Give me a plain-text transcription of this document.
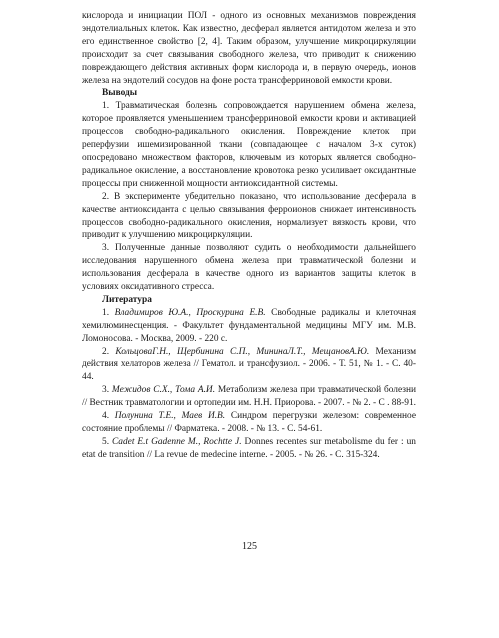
кислорода и инициации ПОЛ - одного из основных механизмов повреждения эндотелиальных клеток. Как известно, десферал является антидотом железа и это его единственное свойство [2, 4]. Таким образом, улучшение микроциркуляции происходит за счет связывания свободного железа, что приводит к снижению повреждающего действия активных форм кислорода и, в первую очередь, ионов железа на эндотелий сосудов на фоне роста трансферриновой емкости крови.

Выводы

1. Травматическая болезнь сопровождается нарушением обмена железа, которое проявляется уменьшением трансферриновой емкости крови и активацией процессов свободно-радикального окисления. Повреждение клеток при реперфузии ишемизированной ткани (совпадающее с началом 3-х суток) опосредовано множеством факторов, ключевым из которых является свободно-радикальное окисление, а восстановление кровотока резко усиливает оксидантные процессы при сниженной мощности антиоксидантной системы.

2. В эксперименте убедительно показано, что использование десферала в качестве антиоксиданта с целью связывания ферроионов снижает интенсивность процессов свободно-радикального окисления, нормализует вязкость крови, что приводит к улучшению микроциркуляции.

3. Полученные данные позволяют судить о необходимости дальнейшего исследования нарушенного обмена железа при травматической болезни и использования десферала в качестве одного из вариантов защиты клеток в условиях оксидативного стресса.

Литература

1. Владимиров Ю.А., Проскурина Е.В. Свободные радикалы и клеточная хемилюминесценция. - Факультет фундаментальной медицины МГУ им. М.В. Ломоносова. - Москва, 2009. - 220 с.

2. КольцоваГ.Н., Щербинина С.П., МининаЛ.Т., МещановА.Ю. Механизм действия хелаторов железа // Гематол. и трансфузиол. - 2006. - Т. 51, № 1. - С. 40-44.

3. Межидов С.Х., Тома А.И. Метаболизм железа при травматической болезни // Вестник травматологии и ортопедии им. Н.Н. Приорова. - 2007. - № 2. - С . 88-91.

4. Полунина Т.Е., Маев И.В. Синдром перегрузки железом: современное состояние проблемы // Фарматека. - 2008. - № 13. - С. 54-61.

5. Cadet E.t Gadenne M., Rochtte J. Donnes recentes sur metabolisme du fer : un etat de transition // La revue de medecine interne. - 2005. - № 26. - С. 315-324.

125
